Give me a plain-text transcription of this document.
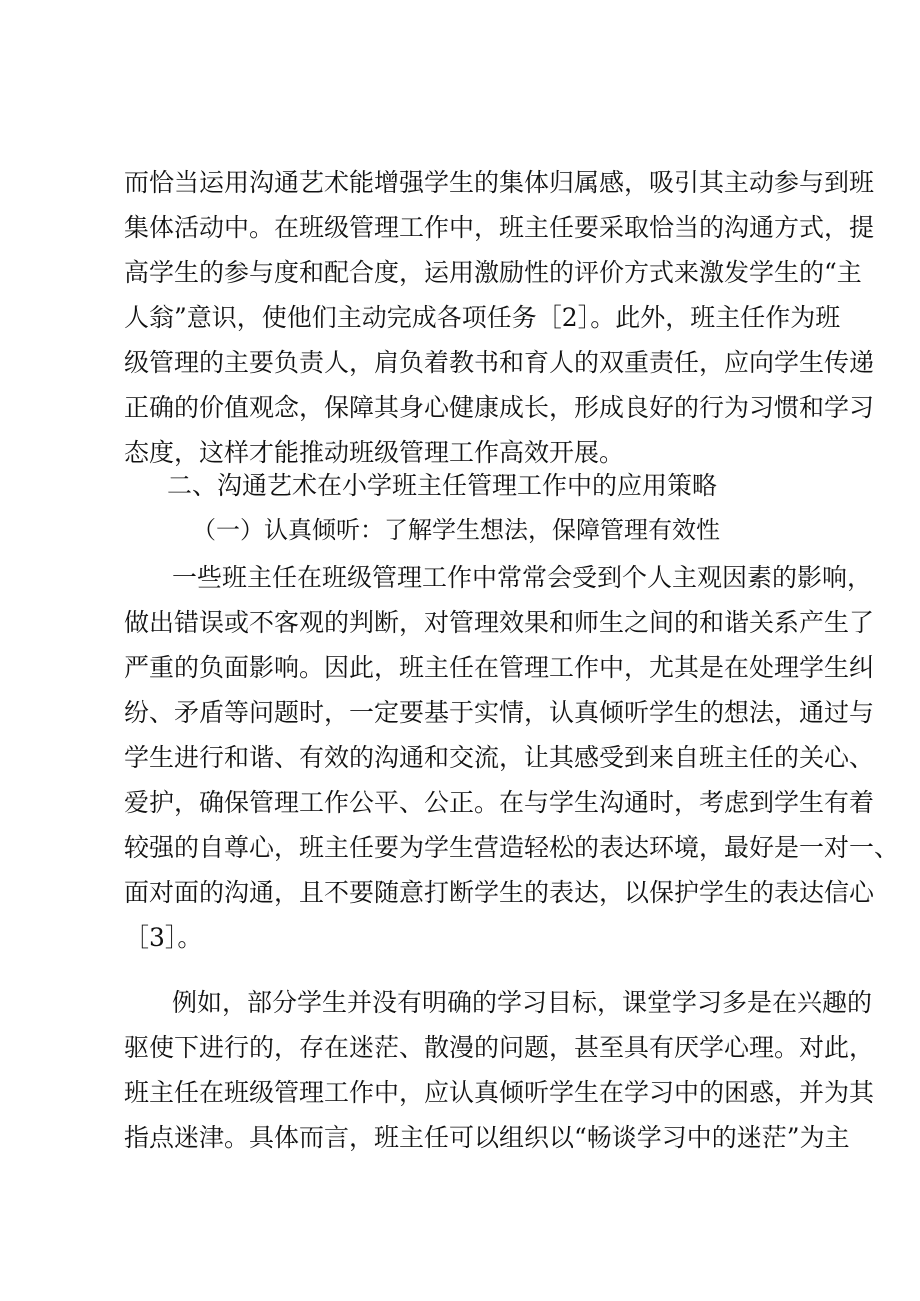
而恰当运用沟通艺术能增强学生的集体归属感，吸引其主动参与到班
集体活动中。在班级管理工作中，班主任要采取恰当的沟通方式，提
高学生的参与度和配合度，运用激励性的评价方式来激发学生的“主
人翁”意识，使他们主动完成各项任务［2］。此外，班主任作为班
级管理的主要负责人，肩负着教书和育人的双重责任，应向学生传递
正确的价值观念，保障其身心健康成长，形成良好的行为习惯和学习
态度，这样才能推动班级管理工作高效开展。
二、沟通艺术在小学班主任管理工作中的应用策略
（一）认真倾听：了解学生想法，保障管理有效性
一些班主任在班级管理工作中常常会受到个人主观因素的影响，
做出错误或不客观的判断，对管理效果和师生之间的和谐关系产生了
严重的负面影响。因此，班主任在管理工作中，尤其是在处理学生纠
纷、矛盾等问题时，一定要基于实情，认真倾听学生的想法，通过与
学生进行和谐、有效的沟通和交流，让其感受到来自班主任的关心、
爱护，确保管理工作公平、公正。在与学生沟通时，考虑到学生有着
较强的自尊心，班主任要为学生营造轻松的表达环境，最好是一对一、
面对面的沟通，且不要随意打断学生的表达，以保护学生的表达信心
［3］。
例如，部分学生并没有明确的学习目标，课堂学习多是在兴趣的
驱使下进行的，存在迷茫、散漫的问题，甚至具有厌学心理。对此，
班主任在班级管理工作中，应认真倾听学生在学习中的困惑，并为其
指点迷津。具体而言，班主任可以组织以“畅谈学习中的迷茫”为主
